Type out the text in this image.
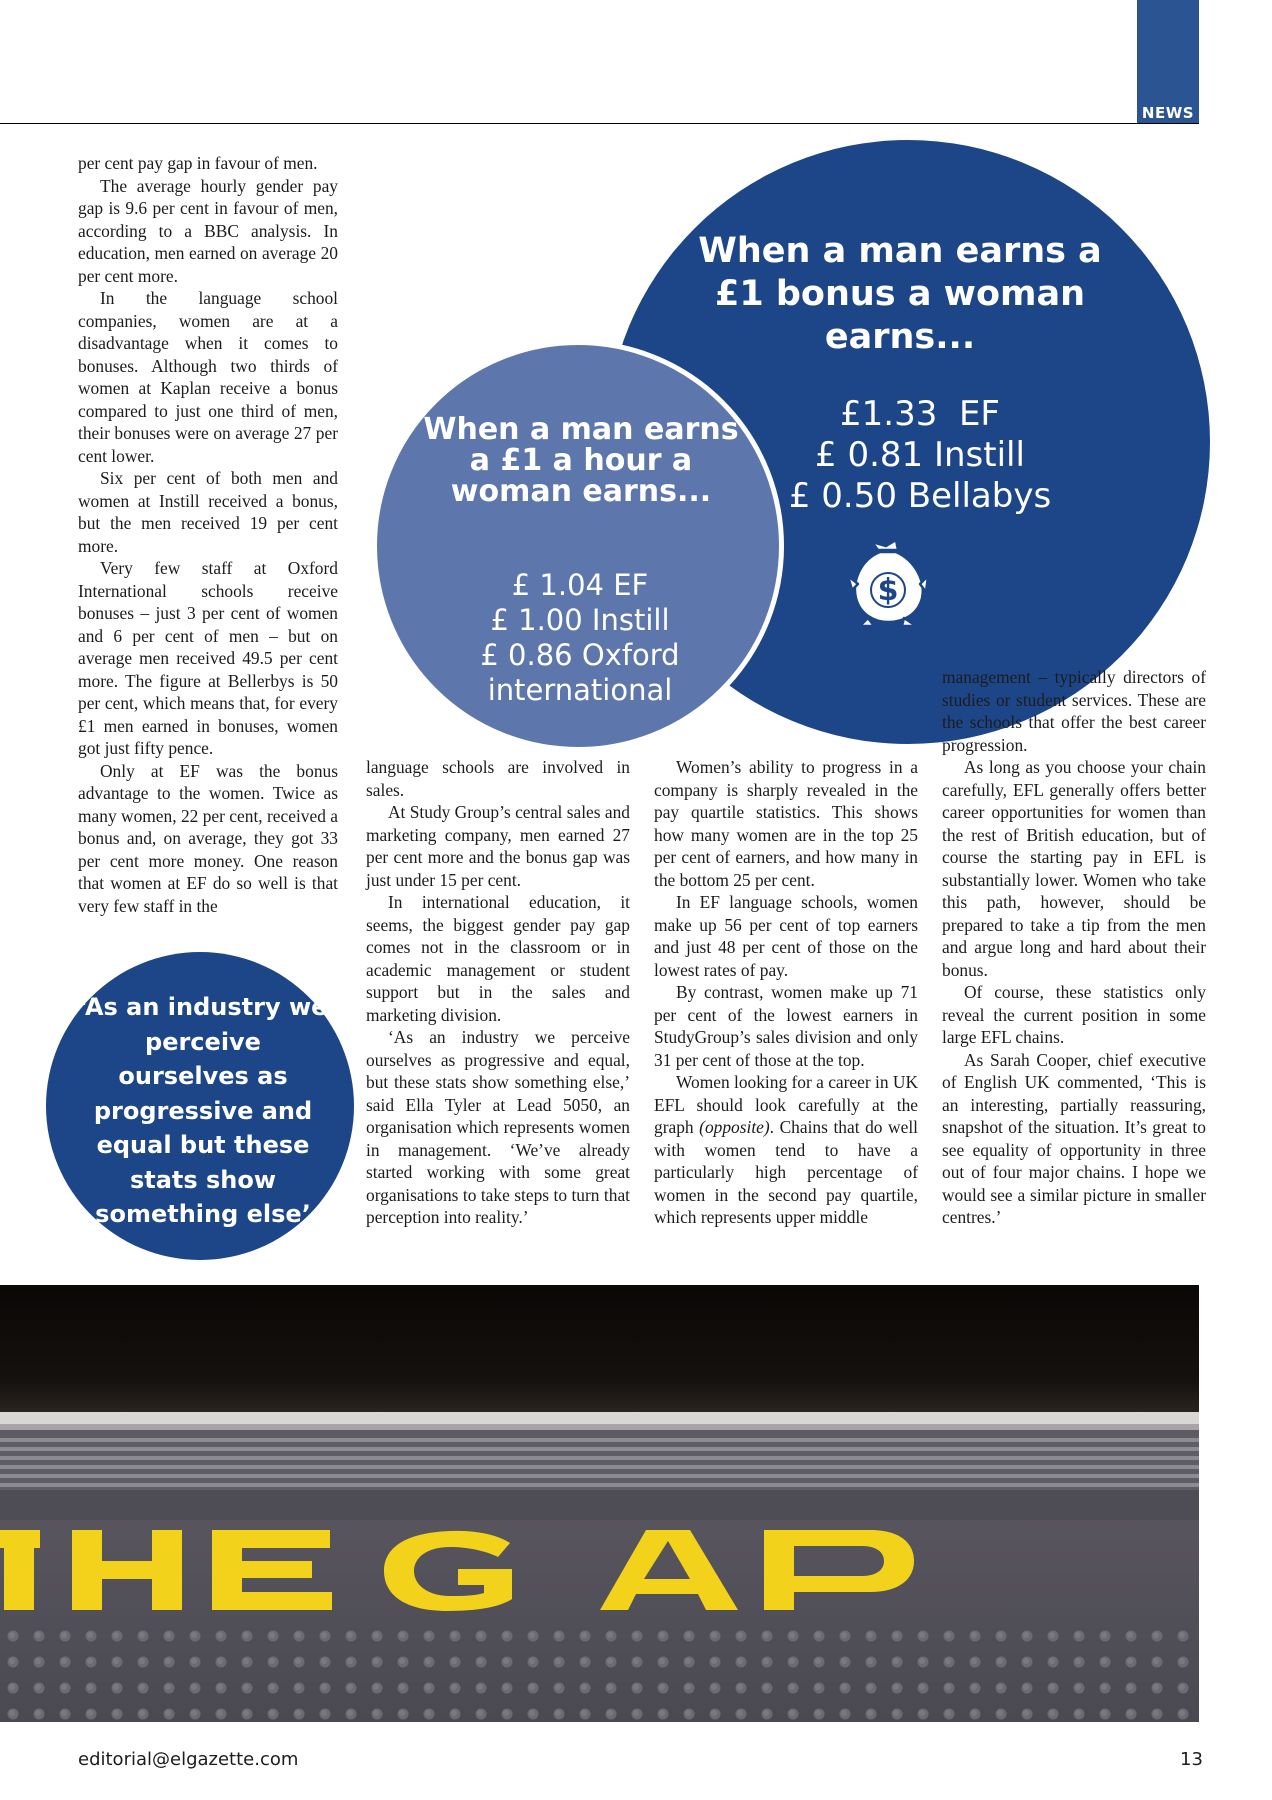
NEWS

per cent pay gap in favour of men.

The average hourly gender pay gap is 9.6 per cent in favour of men, according to a BBC analysis. In education, men earned on average 20 per cent more.

In the language school companies, women are at a disadvantage when it comes to bonuses. Although two thirds of women at Kaplan receive a bonus compared to just one third of men, their bonuses were on average 27 per cent lower.

Six per cent of both men and women at Instill received a bonus, but the men received 19 per cent more.

Very few staff at Oxford International schools receive bonuses – just 3 per cent of women and 6 per cent of men – but on average men received 49.5 per cent more. The figure at Bellerbys is 50 per cent, which means that, for every £1 men earned in bonuses, women got just fifty pence.

Only at EF was the bonus advantage to the women. Twice as many women, 22 per cent, received a bonus and, on average, they got 33 per cent more money. One reason that women at EF do so well is that very few staff in the

When a man earns a £1 bonus a woman earns...
£1.33  EF
£ 0.81 Instill
£ 0.50 Bellabys
$
When a man earns a £1 a hour a woman earns...
£ 1.04 EF
£ 1.00 Instill
£ 0.86 Oxford international

‘As an industry we perceive ourselves as progressive and equal but these stats show something else’

language schools are involved in sales.

At Study Group’s central sales and marketing company, men earned 27 per cent more and the bonus gap was just under 15 per cent.

In international education, it seems, the biggest gender pay gap comes not in the classroom or in academic management or student support but in the sales and marketing division.

‘As an industry we perceive ourselves as progressive and equal, but these stats show something else,’ said Ella Tyler at Lead 5050, an organisation which represents women in management. ‘We’ve already started working with some great organisations to take steps to turn that perception into reality.’

Women’s ability to progress in a company is sharply revealed in the pay quartile statistics. This shows how many women are in the top 25 per cent of earners, and how many in the bottom 25 per cent.

In EF language schools, women make up 56 per cent of top earners and just 48 per cent of those on the lowest rates of pay.

By contrast, women make up 71 per cent of the lowest earners in StudyGroup’s sales division and only 31 per cent of those at the top.

Women looking for a career in UK EFL should look carefully at the graph (opposite). Chains that do well with women tend to have a particularly high percentage of women in the second pay quartile, which represents upper middle

management – typically directors of studies or student services. These are the schools that offer the best career progression.

As long as you choose your chain carefully, EFL generally offers better career opportunities for women than the rest of British education, but of course the starting pay in EFL is substantially lower. Women who take this path, however, should be prepared to take a tip from the men and argue long and hard about their bonus.

Of course, these statistics only reveal the current position in some large EFL chains.

As Sarah Cooper, chief executive of English UK commented, ‘This is an interesting, partially reassuring, snapshot of the situation. It’s great to see equality of opportunity in three out of four major chains. I hope we would see a similar picture in smaller centres.’

editorial@elgazette.com	13
